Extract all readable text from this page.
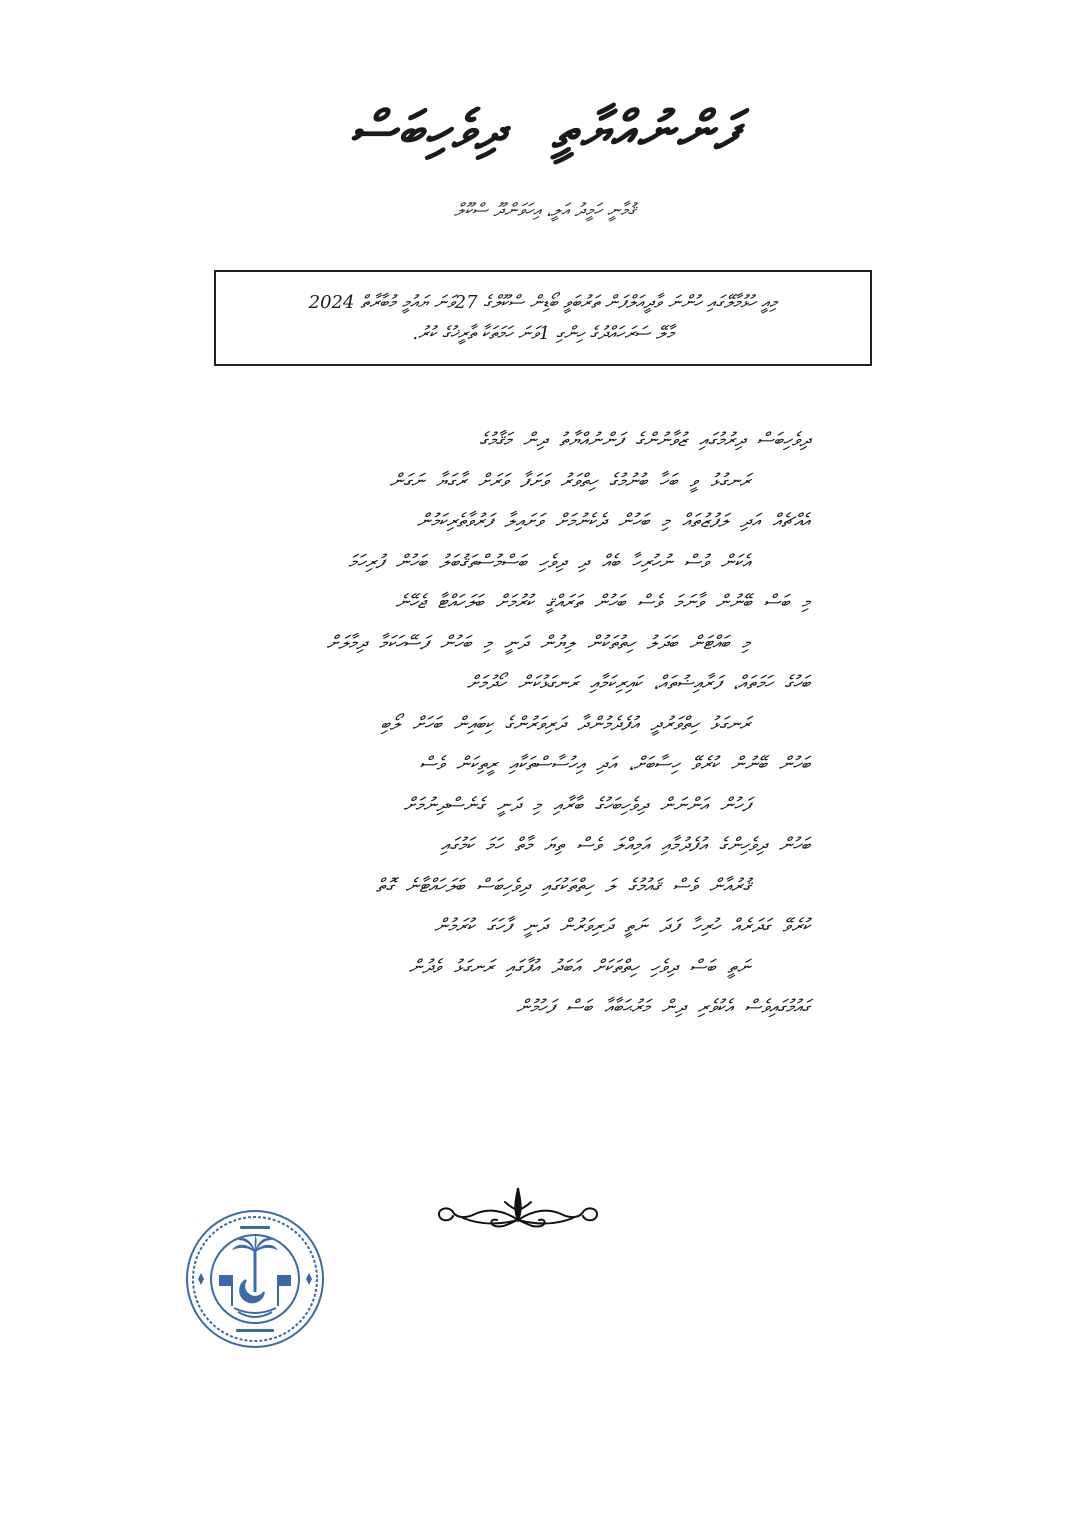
ފަންނުއްޔާތީ ދިވެހިބަސް
ޤުމާނީ ހަމީދު އަލީ، އިހަވަންދޫ ސްކޫލް
މިއީ ހުޅުމާލޭގައި ހުންނަ ވާދީއަލްފަން ތަރުބަވީ ބޯޑިން ސްކޫލްގެ 27ވަނަ ޔައުމީ މުބާރާތް 2024
މާލޭ ސަރަހައްދުގެ ހިންގި 1ވަނަ ހަމަތަކާ ތާރީޚުގެ ކުރު.
ދިވެހިބަސް ދިރުމުގައި ޒުވާނުންގެ ފަންނުއްޔާތު ދިން މަޤާމުގެ
ރަނގުޅު ވީ ބަހާ ބުނުމުގެ ހިތްވަރު ވަށަފާ ވަރަށް ރާގަޔާ ނަގަން
އެއްޗެއް އަދި ލަފުޒުތައް މި ބަހުން ދެކެނުމަށް ވަށައިލާ ފަރުވާތެރިކަމުން
އެކަން ވުސް ނުހުރިހާ ބެއް ދި ދިވެހި ބަސްމުސްތަޤުބަލު ބަހުން ފުރިހަމަ
މި ބަސް ބޭނުން ވާނަމަ ވެސް ބަހުން ތަރައްޤީ ކުރުމަށް ބަލަހައްޓާ ޖެހޭނެ
މި ބައްޓަން ބަދަލު ހިތުތަކުން ލިޔުން ދަނީ މި ބަހުން ފަސޭހަކަމާ ދިމާލަށް
ބަހުގެ ހަމަތައް، ފަރާއިޟުތައް، ކައިރިކަމާއި ރަނގަޅުކަން ހޯދުމަށް
ރަނގަޅު ހިތްވަރުދީ އުފެދެމުންދާ ދަރިވަރުންގެ ކިބައިން ބަހަށް ލޯބި
ބަހުން ބޭނުން ކުރެވޭ ހިސާބަށް، އަދި އިހުސާސްތަކާއި ރީތިކަން ވެސް
ފަހުން އަންނަން ދިވެހިބަހުގެ ބާރާއި މި ދަނީ ގެނެސްދިނުމަށް
ބަހުން ދިވެހިންގެ އުފެދުމާއި އަމިއްލަ ވެސް ތިޔަ މާތް ހަމަ ކަމުގައި
ޤުރުއާން ވެސް ޤައުމުގެ ލަ ހިތްތަކުގައި ދިވެހިބަސް ބަލަހައްޓާނެ ގޮތް
ކުރެވޭ ގަދަރެއް ހުރިހާ ފަދަ ނަތީ ދަރިވަރުން ދަނީ ފާހަގަ ކުރަމުން
ނަތީ ބަސް ދިވެހި ހިތްތަކަށް އަބަދު އުފާގައި ރަނގަޅު ވެދުން
ގައުމުގައިވެސް އެކުވެރި ދިން މަރުޙަބާއާ ބަސް ފަހުމުން
